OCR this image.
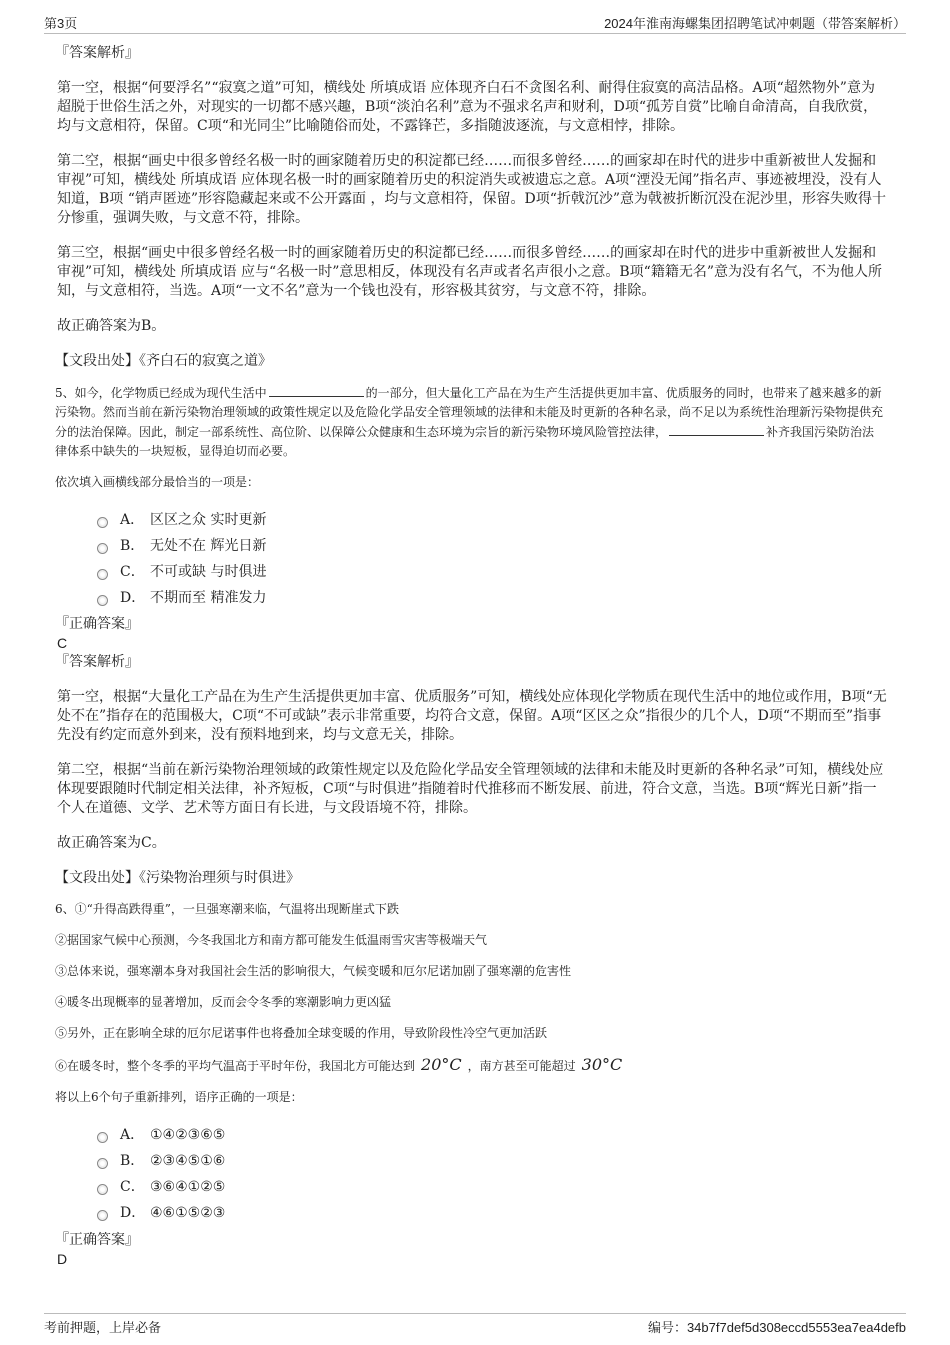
第3页	2024年淮南海螺集团招聘笔试冲刺题（带答案解析）

『答案解析』

第一空，根据“何要浮名”“寂寞之道”可知，横线处 所填成语 应体现齐白石不贪图名利、耐得住寂寞的高洁品格。A项“超然物外”意为超脱于世俗生活之外，对现实的一切都不感兴趣，B项“淡泊名利”意为不强求名声和财利，D项“孤芳自赏”比喻自命清高，自我欣赏，均与文意相符，保留。C项“和光同尘”比喻随俗而处，不露锋芒，多指随波逐流，与文意相悖，排除。

第二空，根据“画史中很多曾经名极一时的画家随着历史的积淀都已经……而很多曾经……的画家却在时代的进步中重新被世人发掘和审视”可知，横线处 所填成语 应体现名极一时的画家随着历史的积淀消失或被遗忘之意。A项“湮没无闻”指名声、事迹被埋没，没有人知道，B项 “销声匿迹”形容隐藏起来或不公开露面 ，均与文意相符，保留。D项“折戟沉沙”意为戟被折断沉没在泥沙里，形容失败得十分惨重，强调失败，与文意不符，排除。

第三空，根据“画史中很多曾经名极一时的画家随着历史的积淀都已经……而很多曾经……的画家却在时代的进步中重新被世人发掘和审视”可知，横线处 所填成语 应与“名极一时”意思相反，体现没有名声或者名声很小之意。B项“籍籍无名”意为没有名气，不为他人所知，与文意相符，当选。A项“一文不名”意为一个钱也没有，形容极其贫穷，与文意不符，排除。

故正确答案为B。

【文段出处】《齐白石的寂寞之道》

5、如今，化学物质已经成为现代生活中	的一部分，但大量化工产品在为生产生活提供更加丰富、优质服务的同时，也带来了越来越多的新污染物。然而当前在新污染物治理领域的政策性规定以及危险化学品安全管理领域的法律和未能及时更新的各种名录，尚不足以为系统性治理新污染物提供充分的法治保障。因此，制定一部系统性、高位阶、以保障公众健康和生态环境为宗旨的新污染物环境风险管控法律，	补齐我国污染防治法律体系中缺失的一块短板，显得迫切而必要。

依次填入画横线部分最恰当的一项是：

A． 区区之众 实时更新
B． 无处不在 辉光日新
C． 不可或缺 与时俱进
D． 不期而至 精准发力

『正确答案』

C

『答案解析』

第一空，根据“大量化工产品在为生产生活提供更加丰富、优质服务”可知，横线处应体现化学物质在现代生活中的地位或作用，B项“无处不在”指存在的范围极大，C项“不可或缺”表示非常重要，均符合文意，保留。A项“区区之众”指很少的几个人，D项“不期而至”指事先没有约定而意外到来，没有预料地到来，均与文意无关，排除。

第二空，根据“当前在新污染物治理领域的政策性规定以及危险化学品安全管理领域的法律和未能及时更新的各种名录”可知，横线处应体现要跟随时代制定相关法律，补齐短板，C项“与时俱进”指随着时代推移而不断发展、前进，符合文意，当选。B项“辉光日新”指一个人在道德、文学、艺术等方面日有长进，与文段语境不符，排除。

故正确答案为C。

【文段出处】《污染物治理须与时俱进》

6、①“升得高跌得重”，一旦强寒潮来临，气温将出现断崖式下跌

②据国家气候中心预测，今冬我国北方和南方都可能发生低温雨雪灾害等极端天气

③总体来说，强寒潮本身对我国社会生活的影响很大，气候变暖和厄尔尼诺加剧了强寒潮的危害性

④暖冬出现概率的显著增加，反而会令冬季的寒潮影响力更凶猛

⑤另外，正在影响全球的厄尔尼诺事件也将叠加全球变暖的作用，导致阶段性冷空气更加活跃

⑥在暖冬时，整个冬季的平均气温高于平时年份，我国北方可能达到 20°C ，南方甚至可能超过 30°C

将以上6个句子重新排列，语序正确的一项是：

A． ①④②③⑥⑤
B． ②③④⑤①⑥
C． ③⑥④①②⑤
D． ④⑥①⑤②③

『正确答案』

D

考前押题，上岸必备	编号：34b7f7def5d308eccd5553ea7ea4defb
